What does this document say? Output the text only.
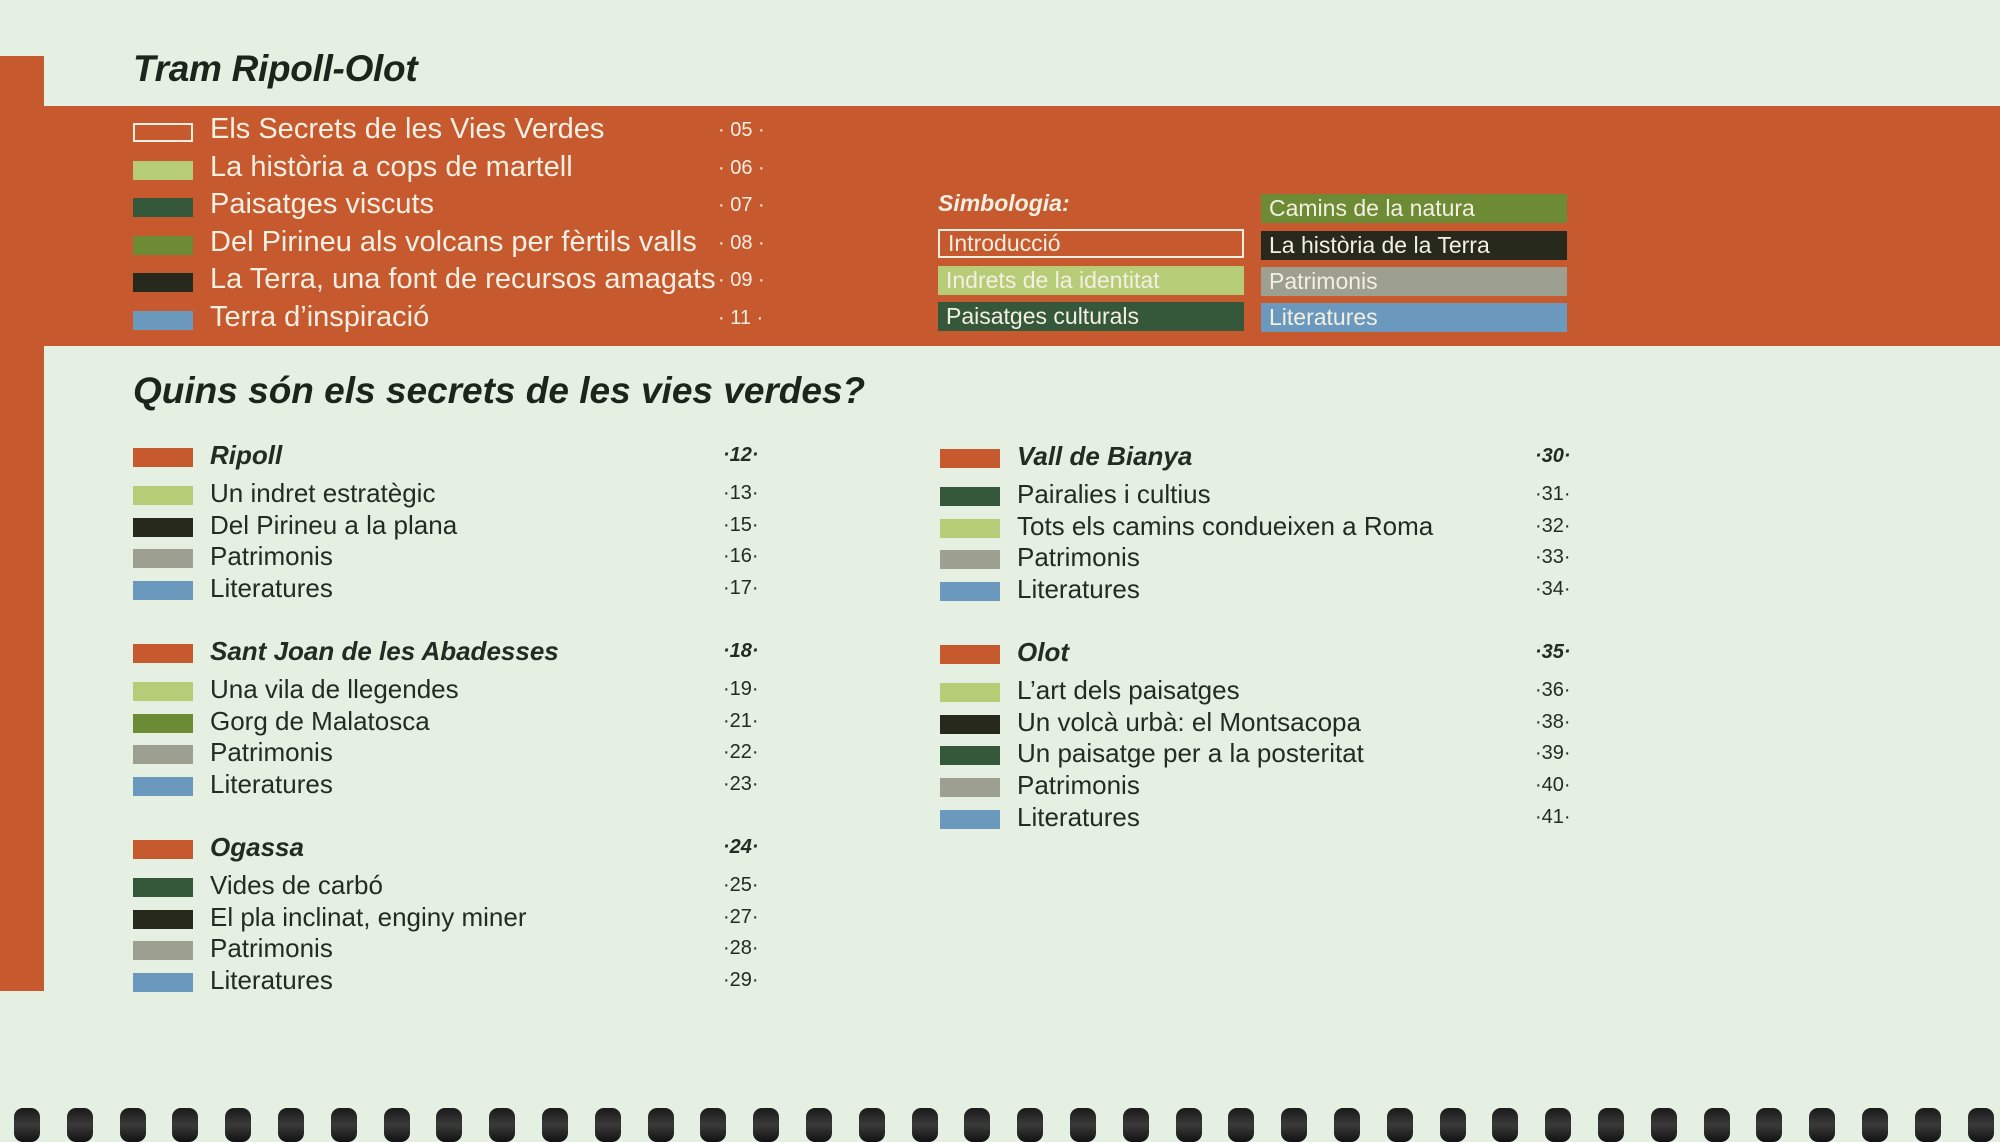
Tram Ripoll-Olot
Els Secrets de les Vies Verdes	· 05 ·
La història a cops de martell	· 06 ·
Paisatges viscuts	· 07 ·
Del Pirineu als volcans per fèrtils valls · 08 ·
La Terra, una font de recursos amagats · 09 ·
Terra d’inspiració	· 11 ·
Simbologia:
Introducció
Indrets de la identitat
Paisatges culturals
Camins de la natura
La història de la Terra
Patrimonis
Literatures
Quins són els secrets de les vies verdes?
Ripoll	·12·
Un indret estratègic	·13·
Del Pirineu a la plana	·15·
Patrimonis	·16·
Literatures	·17·
Sant Joan de les Abadesses	·18·
Una vila de llegendes	·19·
Gorg de Malatosca	·21·
Patrimonis	·22·
Literatures	·23·
Ogassa	·24·
Vides de carbó	·25·
El pla inclinat, enginy miner	·27·
Patrimonis	·28·
Literatures	·29·
Vall de Bianya	·30·
Pairalies i cultius	·31·
Tots els camins condueixen a Roma	·32·
Patrimonis	·33·
Literatures	·34·
Olot	·35·
L’art dels paisatges	·36·
Un volcà urbà: el Montsacopa	·38·
Un paisatge per a la posteritat	·39·
Patrimonis	·40·
Literatures	·41·
